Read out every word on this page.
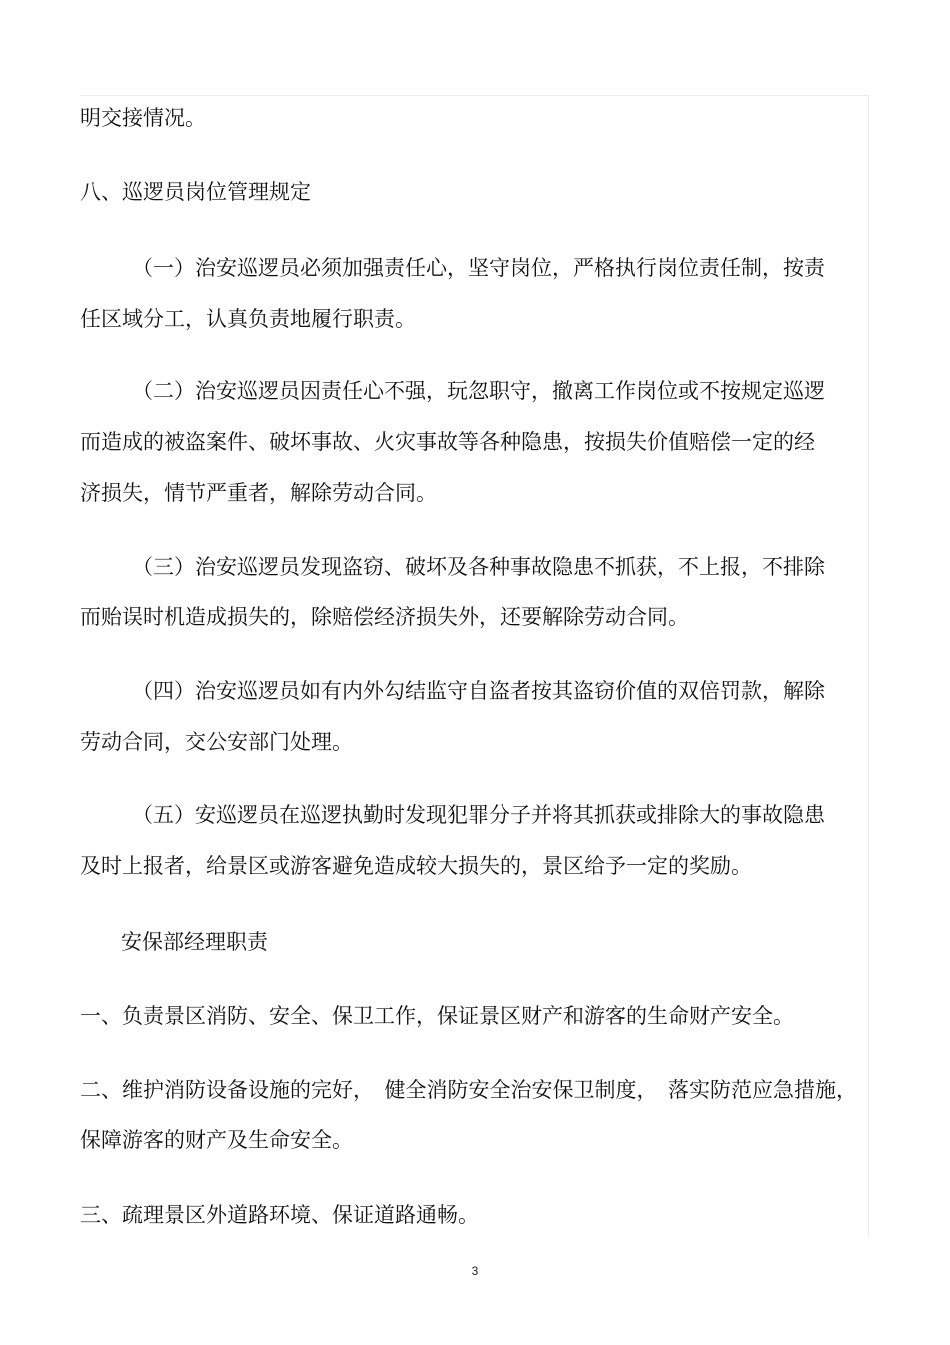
明交接情况。
八、巡逻员岗位管理规定
（一）治安巡逻员必须加强责任心，坚守岗位，严格执行岗位责任制，按责
任区域分工，认真负责地履行职责。
（二）治安巡逻员因责任心不强，玩忽职守，撤离工作岗位或不按规定巡逻
而造成的被盗案件、破坏事故、火灾事故等各种隐患，按损失价值赔偿一定的经
济损失，情节严重者，解除劳动合同。
（三）治安巡逻员发现盗窃、破坏及各种事故隐患不抓获，不上报，不排除
而贻误时机造成损失的，除赔偿经济损失外，还要解除劳动合同。
（四）治安巡逻员如有内外勾结监守自盗者按其盗窃价值的双倍罚款，解除
劳动合同，交公安部门处理。
（五）安巡逻员在巡逻执勤时发现犯罪分子并将其抓获或排除大的事故隐患
及时上报者，给景区或游客避免造成较大损失的，景区给予一定的奖励。
安保部经理职责
一、负责景区消防、安全、保卫工作，保证景区财产和游客的生命财产安全。
二、维护消防设备设施的完好，　健全消防安全治安保卫制度，　落实防范应急措施，
保障游客的财产及生命安全。
三、疏理景区外道路环境、保证道路通畅。
3
